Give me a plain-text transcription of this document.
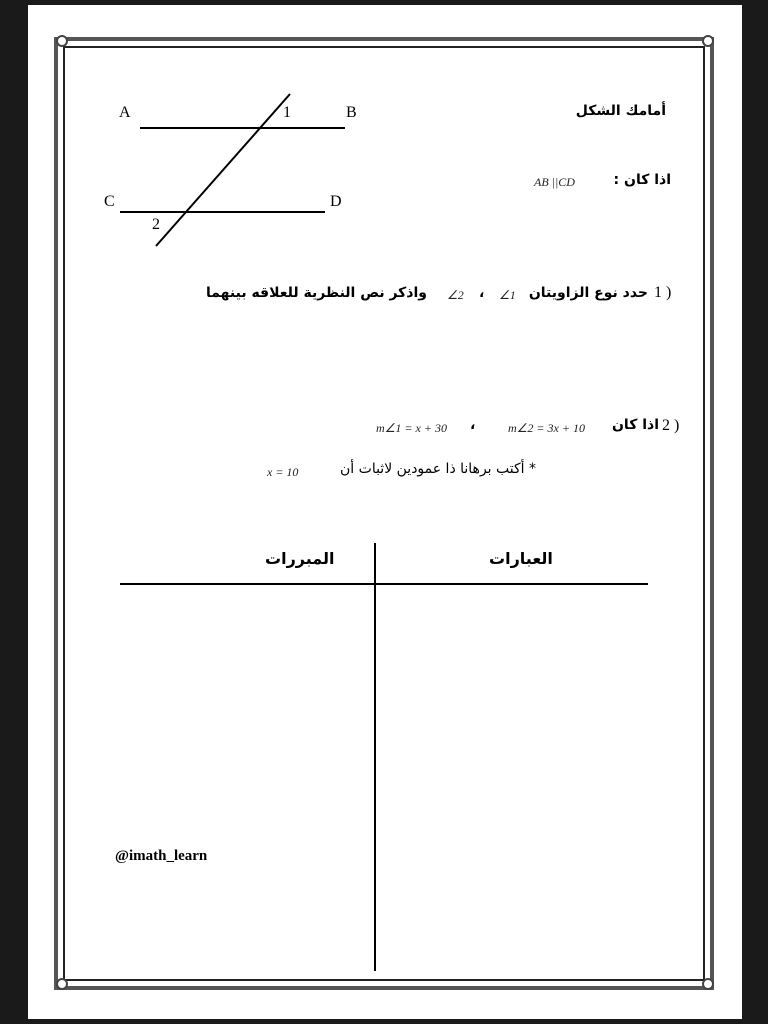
A	B
C	D
1
2
أمامك الشكل
اذا كان :
AB ||CD
1 )
حدد نوع الزاويتان
∠1
،
∠2
واذكر نص النظرية للعلاقه بينهما
2 )
اذا كان
m∠2 = 3x + 10
،
m∠1 = x + 30
* أكتب برهانا ذا عمودين لاثبات أن
x = 10
العبارات
المبررات
@imath_learn
